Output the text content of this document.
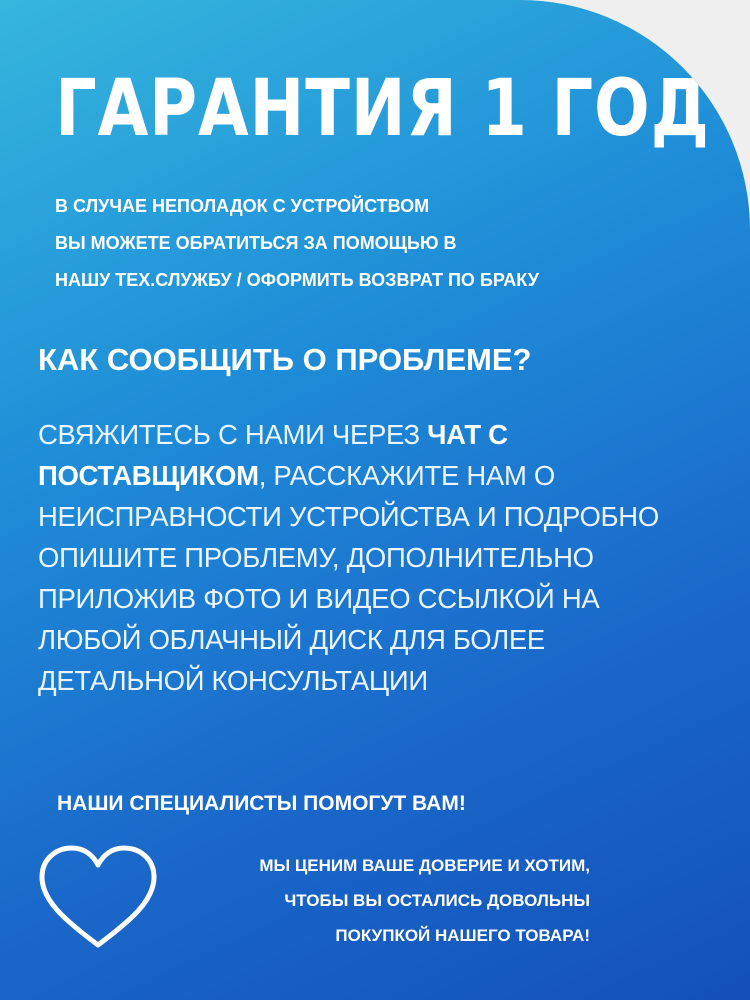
ГАРАНТИЯ 1 ГОД
В СЛУЧАЕ НЕПОЛАДОК С УСТРОЙСТВОМ
ВЫ МОЖЕТЕ ОБРАТИТЬСЯ ЗА ПОМОЩЬЮ В
НАШУ ТЕХ.СЛУЖБУ / ОФОРМИТЬ ВОЗВРАТ ПО БРАКУ
КАК СООБЩИТЬ О ПРОБЛЕМЕ?
СВЯЖИТЕСЬ С НАМИ ЧЕРЕЗ ЧАТ С ПОСТАВЩИКОМ, РАССКАЖИТЕ НАМ О НЕИСПРАВНОСТИ УСТРОЙСТВА И ПОДРОБНО ОПИШИТЕ ПРОБЛЕМУ, ДОПОЛНИТЕЛЬНО ПРИЛОЖИВ ФОТО И ВИДЕО ССЫЛКОЙ НА ЛЮБОЙ ОБЛАЧНЫЙ ДИСК ДЛЯ БОЛЕЕ ДЕТАЛЬНОЙ КОНСУЛЬТАЦИИ
НАШИ СПЕЦИАЛИСТЫ ПОМОГУТ ВАМ!
МЫ ЦЕНИМ ВАШЕ ДОВЕРИЕ И ХОТИМ,
ЧТОБЫ ВЫ ОСТАЛИСЬ ДОВОЛЬНЫ
ПОКУПКОЙ НАШЕГО ТОВАРА!
